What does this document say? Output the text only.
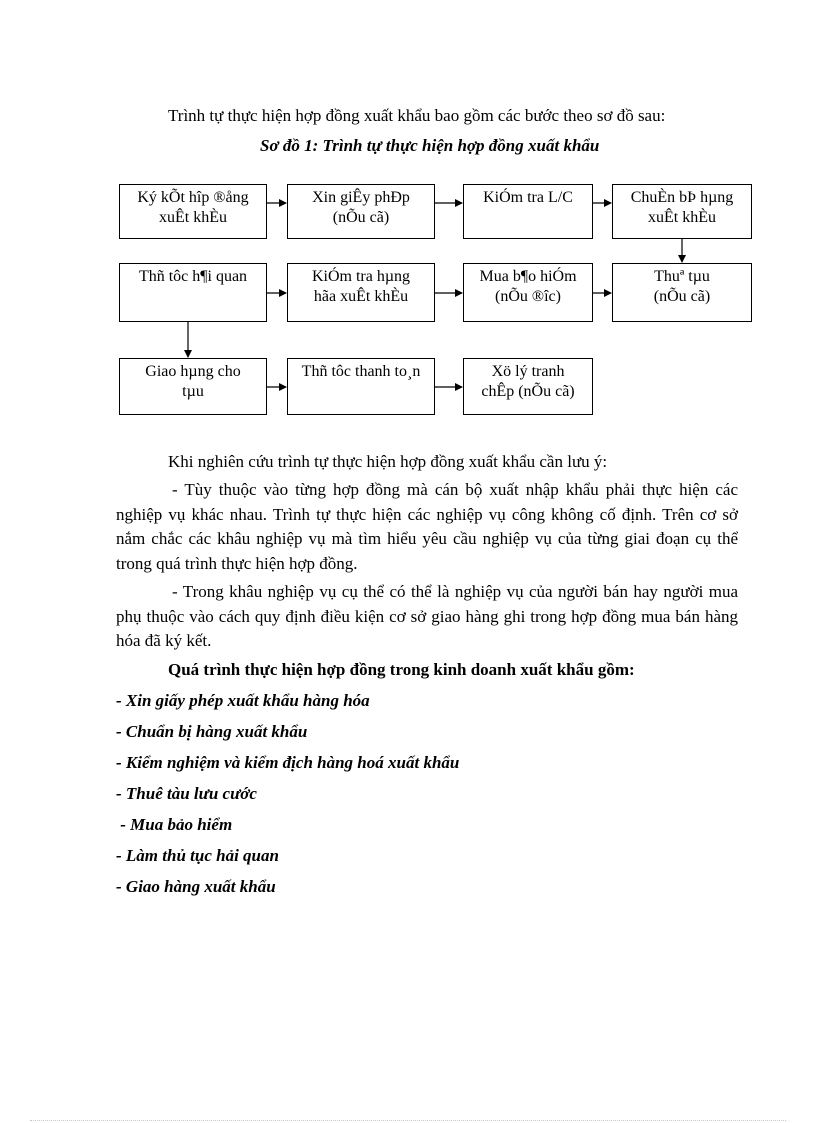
Trình tự thực hiện hợp đồng xuất khẩu bao gồm các bước theo sơ đồ sau:
Sơ đồ 1: Trình tự thực hiện hợp đồng xuất khẩu
Ký kÕt hîp ®ång
xuÊt khÈu
Xin giÊy phÐp
(nÕu cã)
KiÓm tra L/C	ChuÈn bÞ hµng
xuÊt khÈu
Thñ tôc h¶i quan	KiÓm tra hµng
hãa xuÊt khÈu
Mua b¶o hiÓm
(nÕu ®îc)
Thuª tµu
(nÕu cã)
Giao hµng cho
tµu
Thñ tôc thanh to¸n	Xö lý tranh
chÊp (nÕu cã)
Khi nghiên cứu trình tự thực hiện hợp đồng xuất khẩu cần lưu ý:
- Tùy thuộc vào từng hợp đồng mà cán bộ xuất nhập khẩu phải thực hiện các nghiệp vụ khác nhau. Trình tự thực hiện các nghiệp vụ công không cố định. Trên cơ sở nắm chắc các khâu nghiệp vụ mà tìm hiểu yêu cầu nghiệp vụ của từng giai đoạn cụ thể trong quá trình thực hiện hợp đồng.
- Trong khâu nghiệp vụ cụ thể có thể là nghiệp vụ của người bán hay người mua phụ thuộc vào cách quy định điều kiện cơ sở giao hàng ghi trong hợp đồng mua bán hàng hóa đã ký kết.
Quá trình thực hiện hợp đồng trong kinh doanh xuất khẩu gồm:
- Xin giấy phép xuất khẩu hàng hóa
- Chuẩn bị hàng xuất khẩu
- Kiểm nghiệm và kiểm địch hàng hoá xuất khẩu
- Thuê tàu lưu cước
- Mua bảo hiểm
- Làm thủ tục hải quan
- Giao hàng xuất khẩu
